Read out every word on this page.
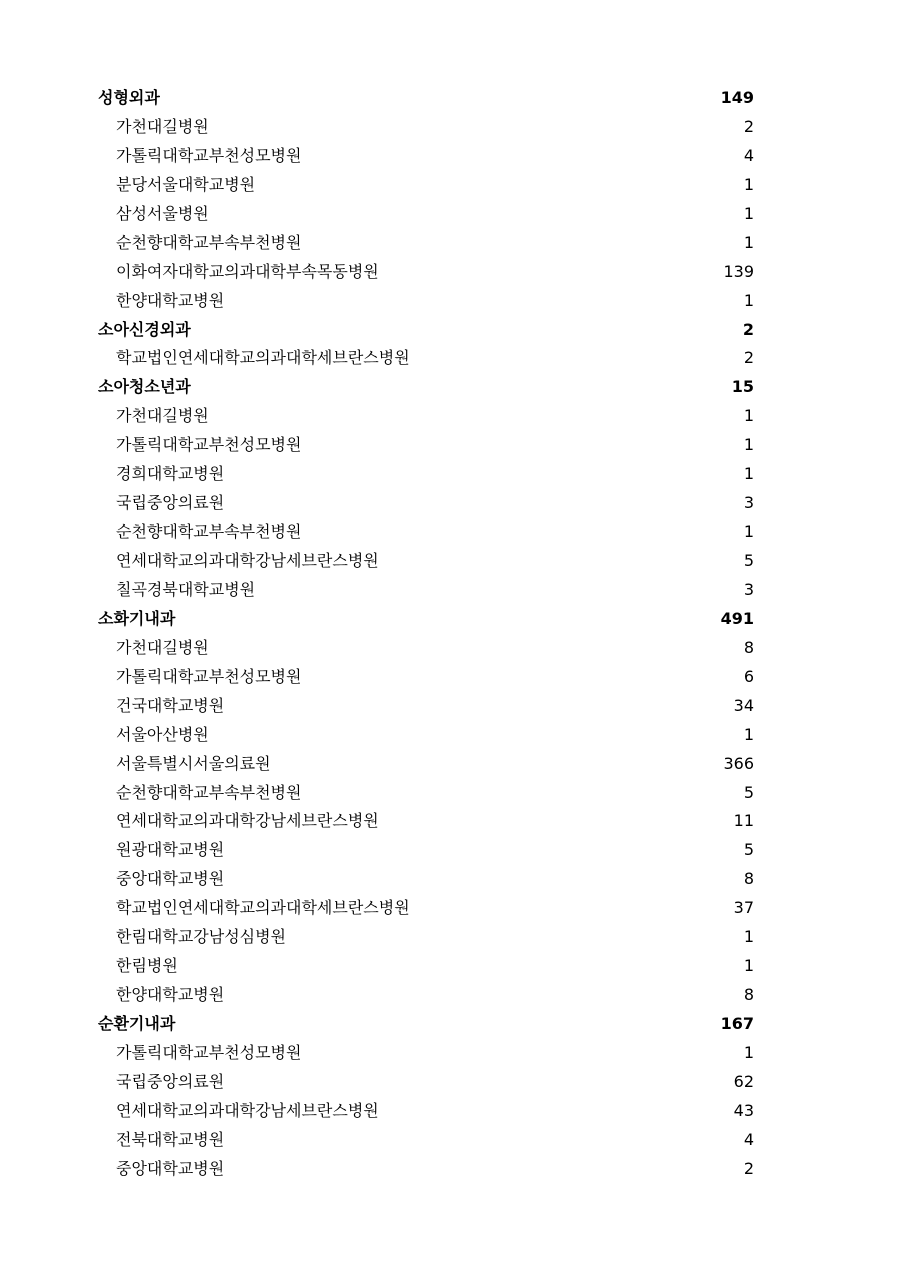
성형외과	149
가천대길병원	2
가톨릭대학교부천성모병원	4
분당서울대학교병원	1
삼성서울병원	1
순천향대학교부속부천병원	1
이화여자대학교의과대학부속목동병원	139
한양대학교병원	1
소아신경외과	2
학교법인연세대학교의과대학세브란스병원	2
소아청소년과	15
가천대길병원	1
가톨릭대학교부천성모병원	1
경희대학교병원	1
국립중앙의료원	3
순천향대학교부속부천병원	1
연세대학교의과대학강남세브란스병원	5
칠곡경북대학교병원	3
소화기내과	491
가천대길병원	8
가톨릭대학교부천성모병원	6
건국대학교병원	34
서울아산병원	1
서울특별시서울의료원	366
순천향대학교부속부천병원	5
연세대학교의과대학강남세브란스병원	11
원광대학교병원	5
중앙대학교병원	8
학교법인연세대학교의과대학세브란스병원	37
한림대학교강남성심병원	1
한림병원	1
한양대학교병원	8
순환기내과	167
가톨릭대학교부천성모병원	1
국립중앙의료원	62
연세대학교의과대학강남세브란스병원	43
전북대학교병원	4
중앙대학교병원	2
